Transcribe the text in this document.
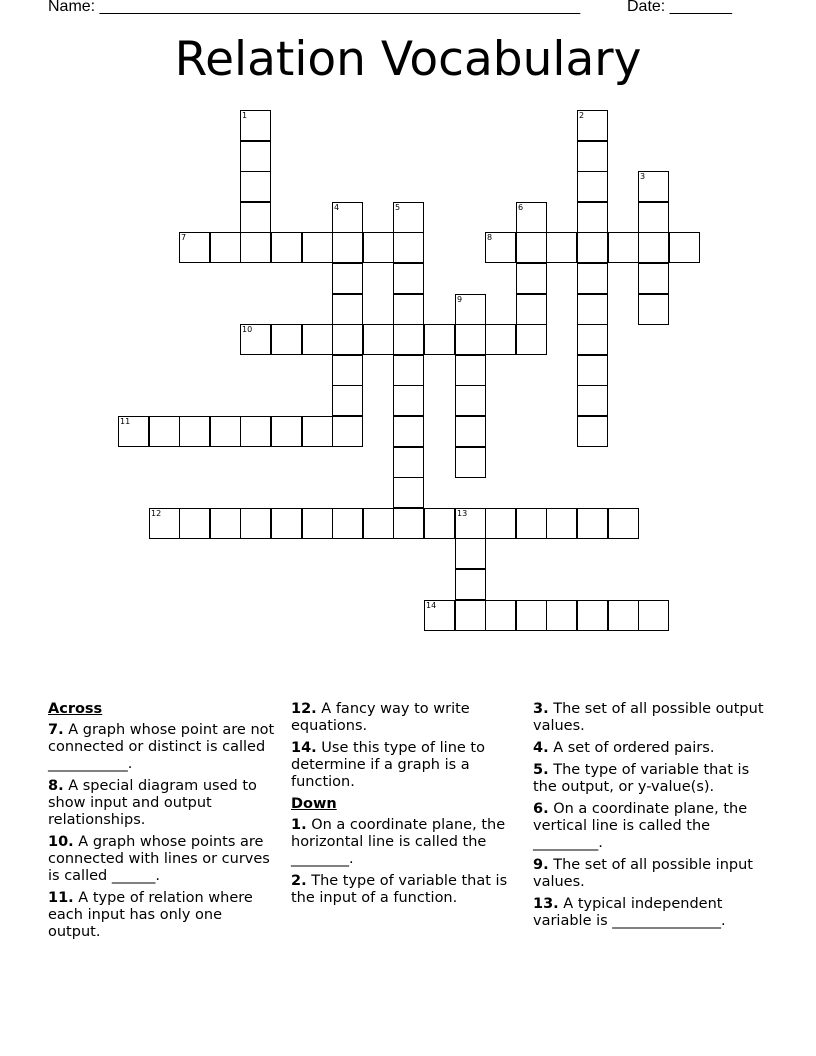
Name: ______________________________________________________	Date: _______
Relation Vocabulary
1	2
3
4	5	6
7	8
9
10
11
12	13
14
Across
7. A graph whose point are not connected or distinct is called ___________.
8. A special diagram used to show input and output relationships.
10. A graph whose points are connected with lines or curves is called ______.
11. A type of relation where each input has only one output.
12. A fancy way to write equations.
14. Use this type of line to determine if a graph is a function.
Down
1. On a coordinate plane, the horizontal line is called the ________.
2. The type of variable that is the input of a function.
3. The set of all possible output values.
4. A set of ordered pairs.
5. The type of variable that is the output, or y-value(s).
6. On a coordinate plane, the vertical line is called the _________.
9. The set of all possible input values.
13. A typical independent variable is _______________.
